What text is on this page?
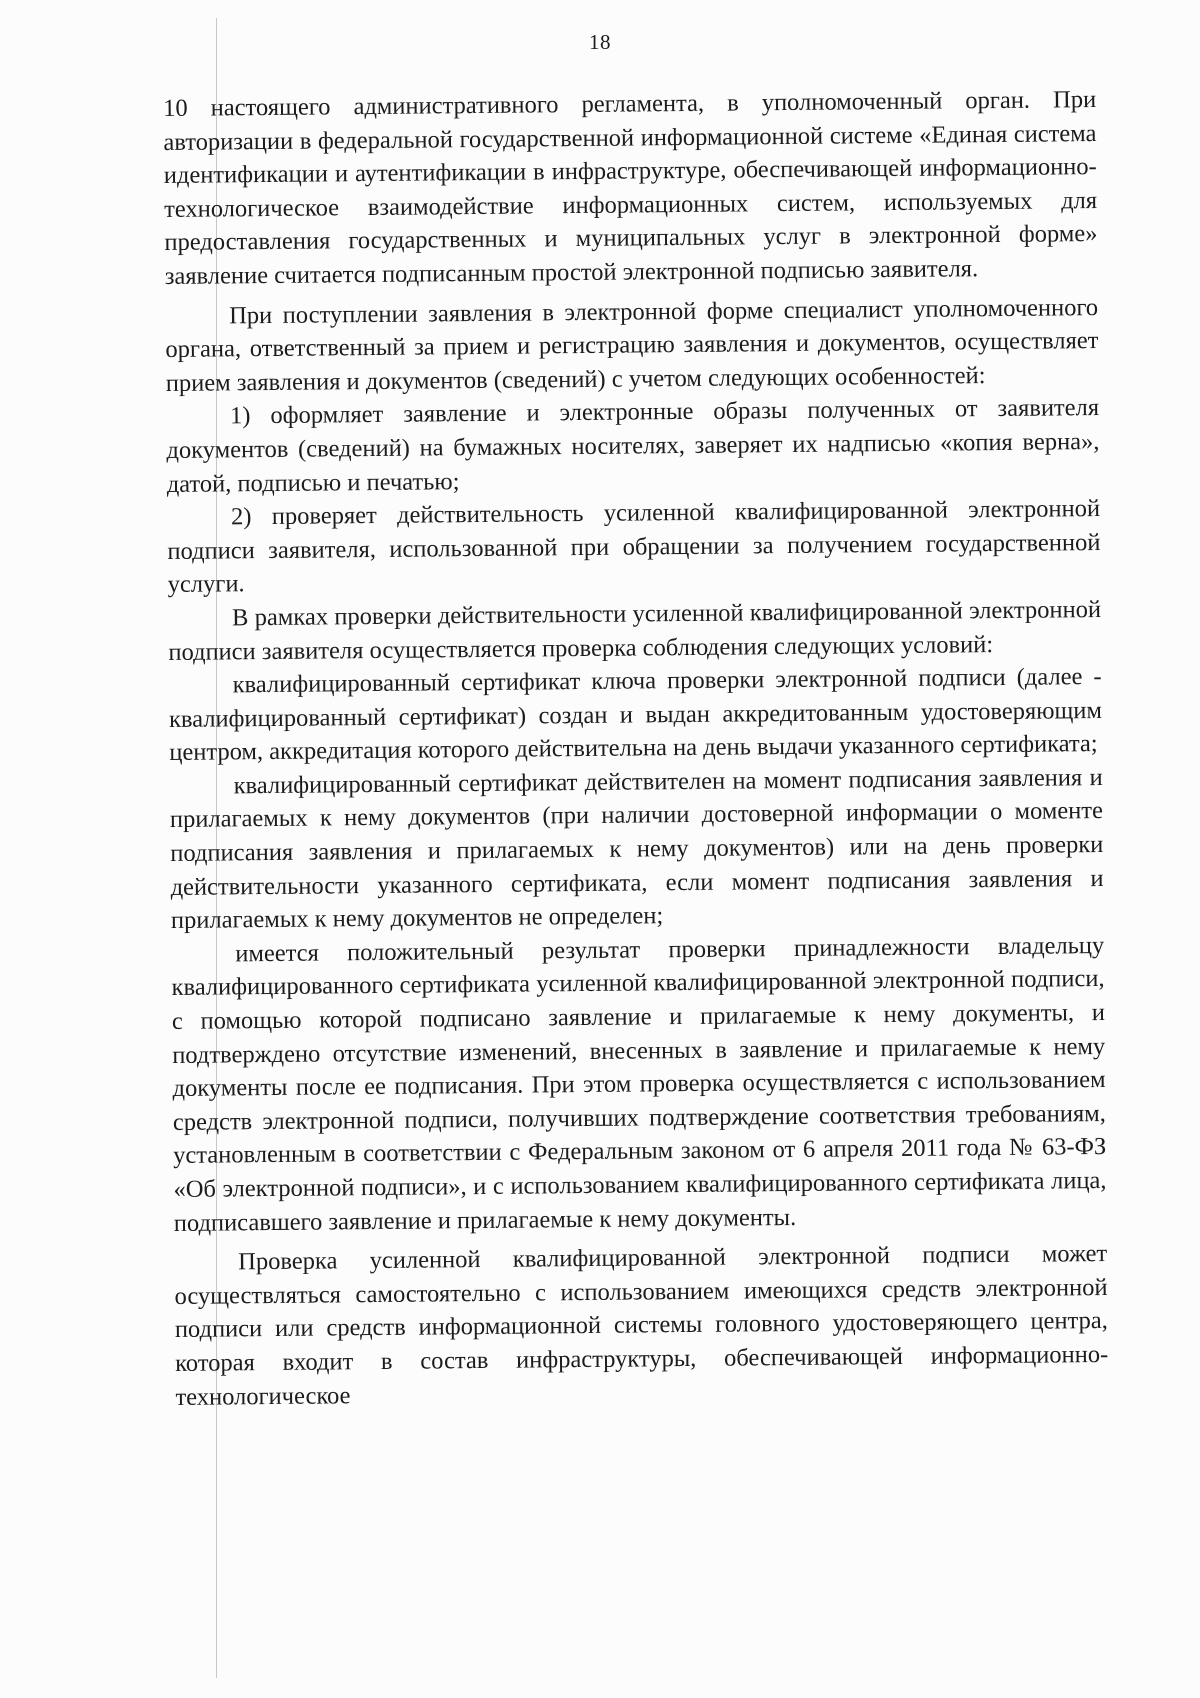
18

10 настоящего административного регламента, в уполномоченный орган. При авторизации в федеральной государственной информационной системе «Единая система идентификации и аутентификации в инфраструктуре, обеспечивающей информационно-технологическое взаимодействие информационных систем, используемых для предоставления государственных и муниципальных услуг в электронной форме» заявление считается подписанным простой электронной подписью заявителя.

При поступлении заявления в электронной форме специалист уполномоченного органа, ответственный за прием и регистрацию заявления и документов, осуществляет прием заявления и документов (сведений) с учетом следующих особенностей:

1) оформляет заявление и электронные образы полученных от заявителя документов (сведений) на бумажных носителях, заверяет их надписью «копия верна», датой, подписью и печатью;

2) проверяет действительность усиленной квалифицированной электронной подписи заявителя, использованной при обращении за получением государственной услуги.

В рамках проверки действительности усиленной квалифицированной электронной подписи заявителя осуществляется проверка соблюдения следующих условий:

квалифицированный сертификат ключа проверки электронной подписи (далее - квалифицированный сертификат) создан и выдан аккредитованным удостоверяющим центром, аккредитация которого действительна на день выдачи указанного сертификата;

квалифицированный сертификат действителен на момент подписания заявления и прилагаемых к нему документов (при наличии достоверной информации о моменте подписания заявления и прилагаемых к нему документов) или на день проверки действительности указанного сертификата, если момент подписания заявления и прилагаемых к нему документов не определен;

имеется положительный результат проверки принадлежности владельцу квалифицированного сертификата усиленной квалифицированной электронной подписи, с помощью которой подписано заявление и прилагаемые к нему документы, и подтверждено отсутствие изменений, внесенных в заявление и прилагаемые к нему документы после ее подписания. При этом проверка осуществляется с использованием средств электронной подписи, получивших подтверждение соответствия требованиям, установленным в соответствии с Федеральным законом от 6 апреля 2011 года № 63-ФЗ «Об электронной подписи», и с использованием квалифицированного сертификата лица, подписавшего заявление и прилагаемые к нему документы.

Проверка усиленной квалифицированной электронной подписи может осуществляться самостоятельно с использованием имеющихся средств электронной подписи или средств информационной системы головного удостоверяющего центра, которая входит в состав инфраструктуры, обеспечивающей информационно-технологическое
